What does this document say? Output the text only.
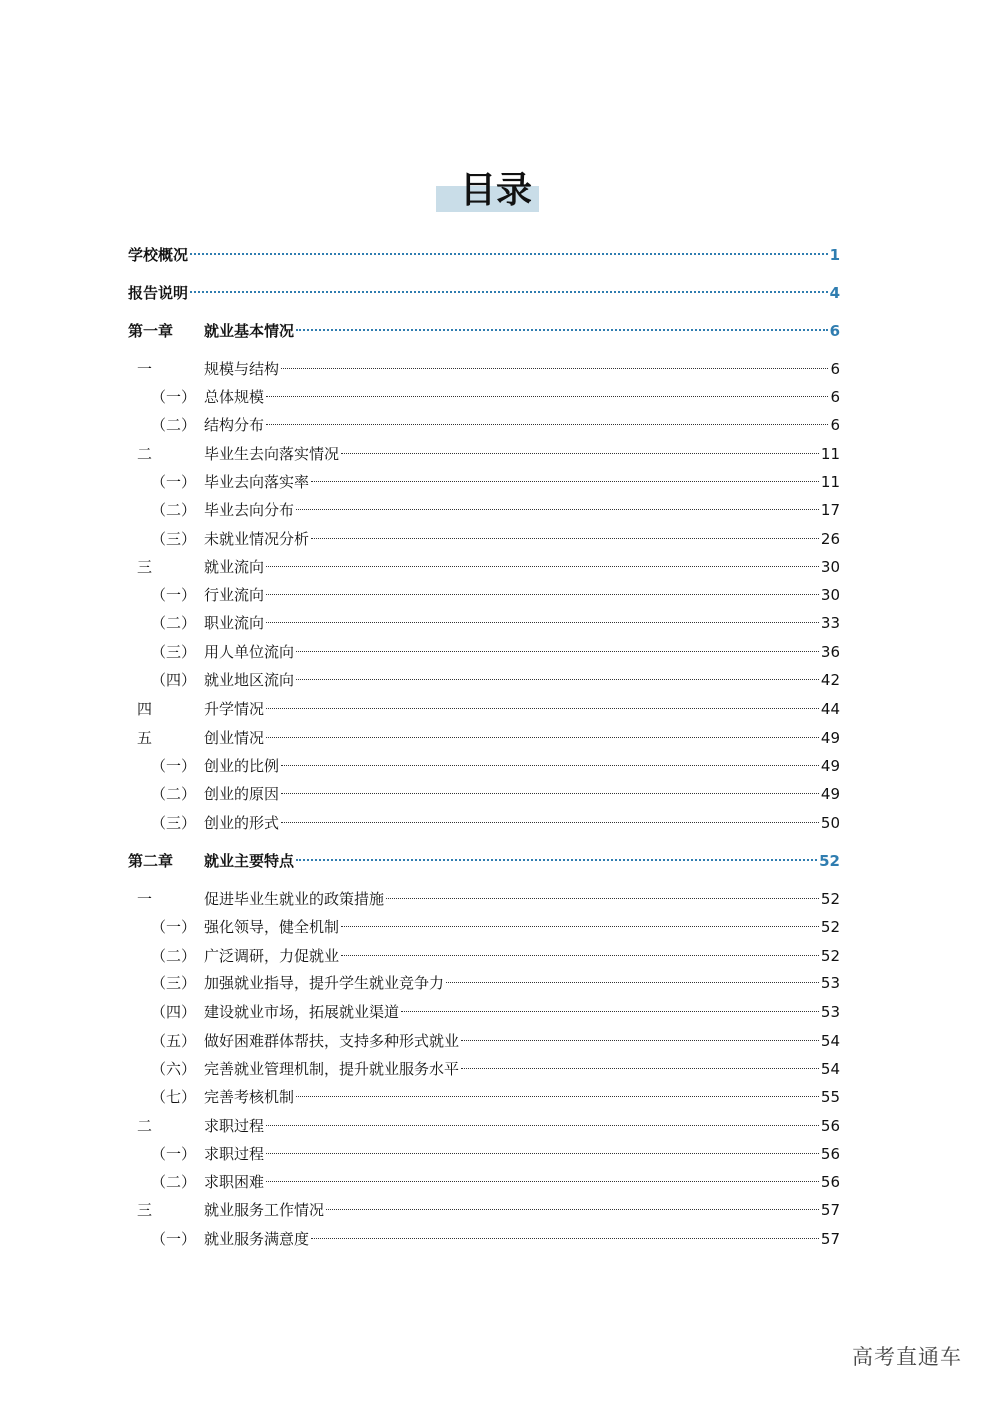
目录
学校概况	1
报告说明	4
第一章 就业基本情况	6
一	规模与结构	6
（一） 总体规模	6
（二） 结构分布	6
二	毕业生去向落实情况	11
（一） 毕业去向落实率	11
（二） 毕业去向分布	17
（三） 未就业情况分析	26
三	就业流向	30
（一） 行业流向	30
（二） 职业流向	33
（三） 用人单位流向	36
（四） 就业地区流向	42
四	升学情况	44
五	创业情况	49
（一） 创业的比例	49
（二） 创业的原因	49
（三） 创业的形式	50
第二章 就业主要特点	52
一	促进毕业生就业的政策措施	52
（一） 强化领导，健全机制	52
（二） 广泛调研，力促就业	52
（三） 加强就业指导，提升学生就业竞争力	53
（四） 建设就业市场，拓展就业渠道	53
（五） 做好困难群体帮扶，支持多种形式就业	54
（六） 完善就业管理机制，提升就业服务水平	54
（七） 完善考核机制	55
二	求职过程	56
（一） 求职过程	56
（二） 求职困难	56
三	就业服务工作情况	57
（一） 就业服务满意度	57
高考直通车
